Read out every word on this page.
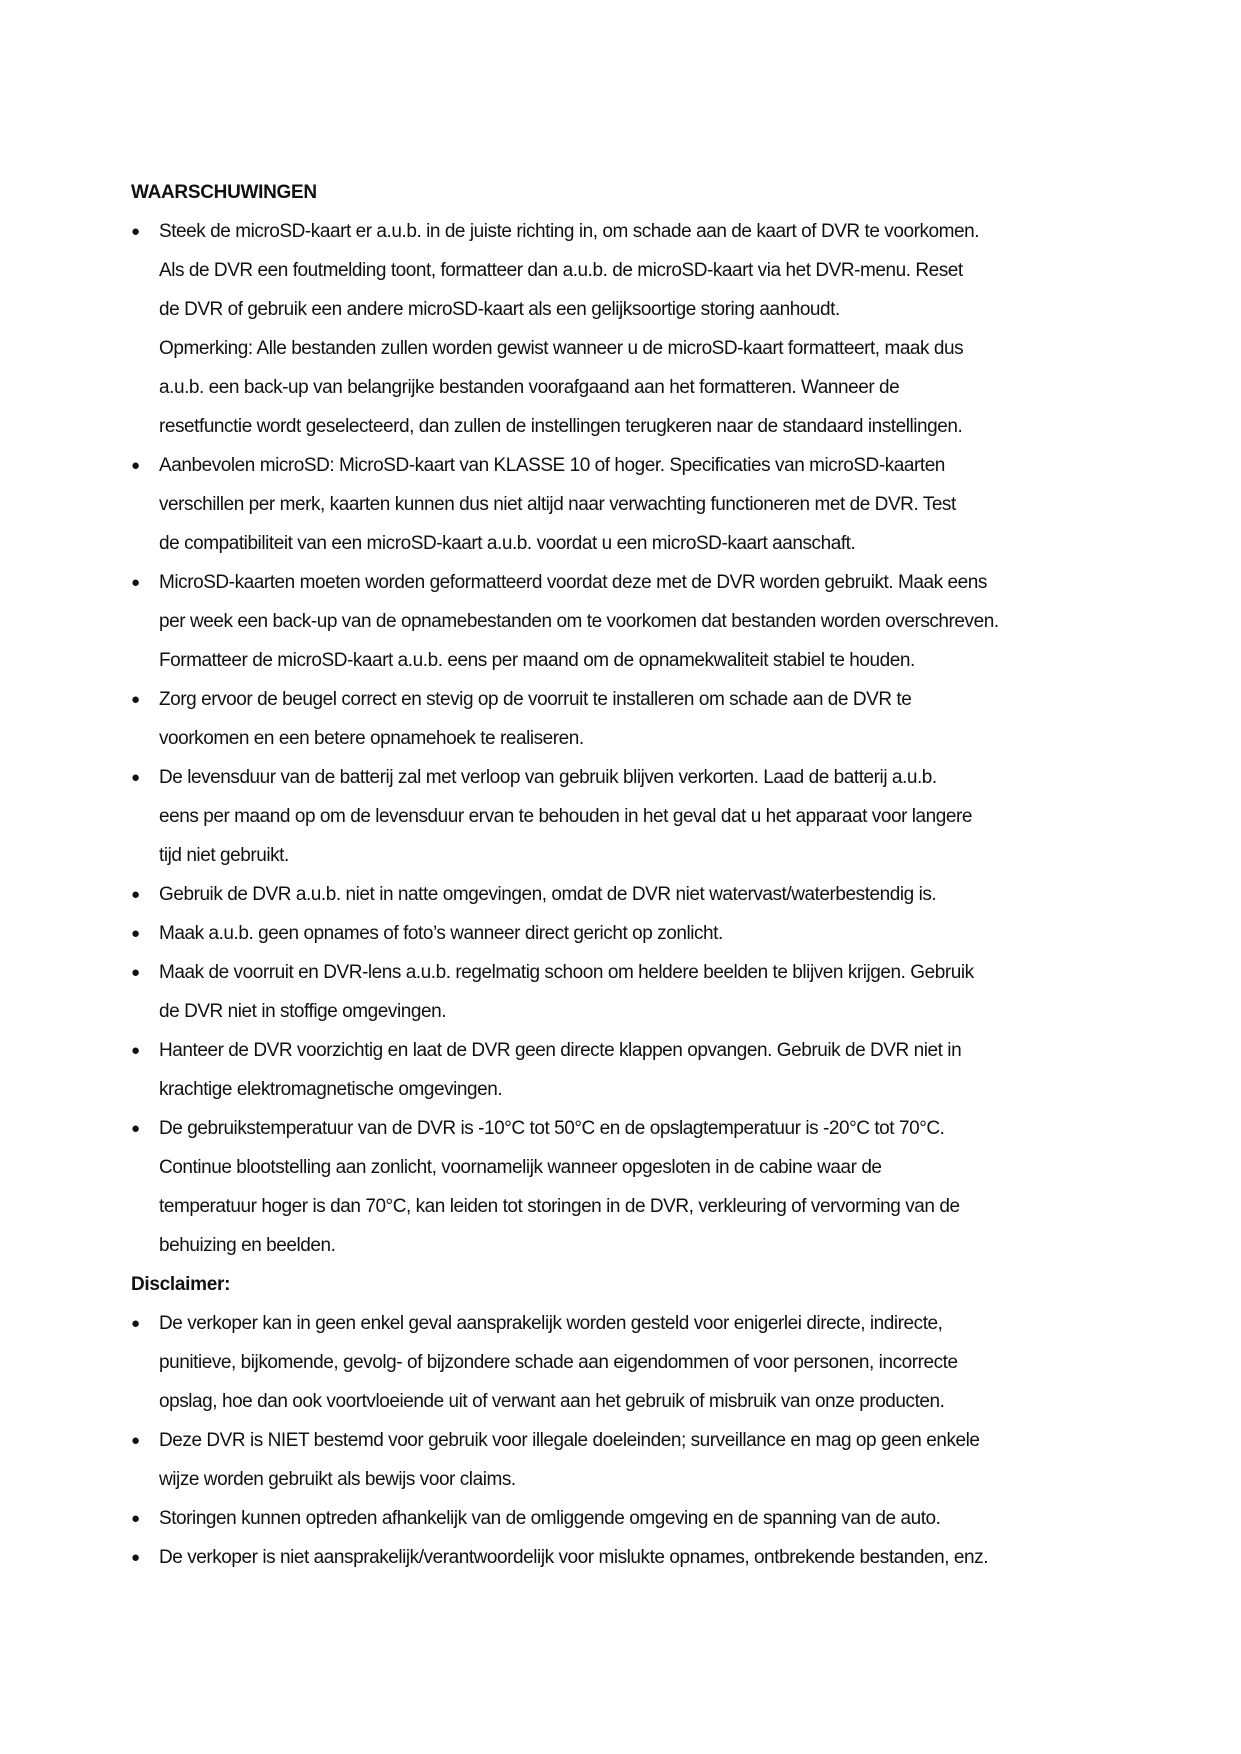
WAARSCHUWINGEN
● Steek de microSD-kaart er a.u.b. in de juiste richting in, om schade aan de kaart of DVR te voorkomen.
Als de DVR een foutmelding toont, formatteer dan a.u.b. de microSD-kaart via het DVR-menu. Reset
de DVR of gebruik een andere microSD-kaart als een gelijksoortige storing aanhoudt.
Opmerking: Alle bestanden zullen worden gewist wanneer u de microSD-kaart formatteert, maak dus
a.u.b. een back-up van belangrijke bestanden voorafgaand aan het formatteren. Wanneer de
resetfunctie wordt geselecteerd, dan zullen de instellingen terugkeren naar de standaard instellingen.
● Aanbevolen microSD: MicroSD-kaart van KLASSE 10 of hoger. Specificaties van microSD-kaarten
verschillen per merk, kaarten kunnen dus niet altijd naar verwachting functioneren met de DVR. Test
de compatibiliteit van een microSD-kaart a.u.b. voordat u een microSD-kaart aanschaft.
● MicroSD-kaarten moeten worden geformatteerd voordat deze met de DVR worden gebruikt. Maak eens
per week een back-up van de opnamebestanden om te voorkomen dat bestanden worden overschreven.
Formatteer de microSD-kaart a.u.b. eens per maand om de opnamekwaliteit stabiel te houden.
● Zorg ervoor de beugel correct en stevig op de voorruit te installeren om schade aan de DVR te
voorkomen en een betere opnamehoek te realiseren.
● De levensduur van de batterij zal met verloop van gebruik blijven verkorten. Laad de batterij a.u.b.
eens per maand op om de levensduur ervan te behouden in het geval dat u het apparaat voor langere
tijd niet gebruikt.
● Gebruik de DVR a.u.b. niet in natte omgevingen, omdat de DVR niet watervast/waterbestendig is.
● Maak a.u.b. geen opnames of foto’s wanneer direct gericht op zonlicht.
● Maak de voorruit en DVR-lens a.u.b. regelmatig schoon om heldere beelden te blijven krijgen. Gebruik
de DVR niet in stoffige omgevingen.
● Hanteer de DVR voorzichtig en laat de DVR geen directe klappen opvangen. Gebruik de DVR niet in
krachtige elektromagnetische omgevingen.
● De gebruikstemperatuur van de DVR is -10°C tot 50°C en de opslagtemperatuur is -20°C tot 70°C.
Continue blootstelling aan zonlicht, voornamelijk wanneer opgesloten in de cabine waar de
temperatuur hoger is dan 70°C, kan leiden tot storingen in de DVR, verkleuring of vervorming van de
behuizing en beelden.
Disclaimer:
● De verkoper kan in geen enkel geval aansprakelijk worden gesteld voor enigerlei directe, indirecte,
punitieve, bijkomende, gevolg- of bijzondere schade aan eigendommen of voor personen, incorrecte
opslag, hoe dan ook voortvloeiende uit of verwant aan het gebruik of misbruik van onze producten.
● Deze DVR is NIET bestemd voor gebruik voor illegale doeleinden; surveillance en mag op geen enkele
wijze worden gebruikt als bewijs voor claims.
● Storingen kunnen optreden afhankelijk van de omliggende omgeving en de spanning van de auto.
● De verkoper is niet aansprakelijk/verantwoordelijk voor mislukte opnames, ontbrekende bestanden, enz.
